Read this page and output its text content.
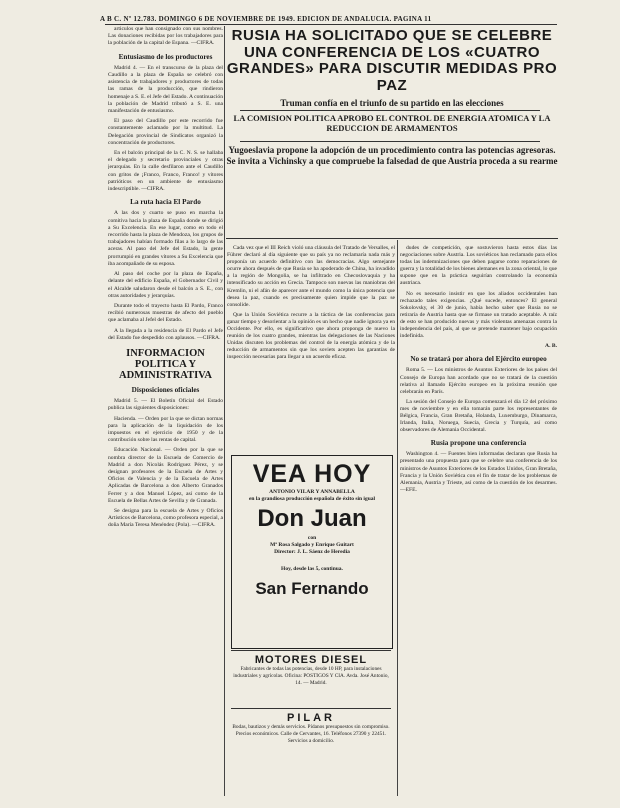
A B C. Nº 12.783. DOMINGO 6 DE NOVIEMBRE DE 1949. EDICION DE ANDALUCIA. PAGINA 11

articulos que han consignado con sus nombres. Las donaciones recibidas por los trabajadores para la población de la capital de Espana. —CIFRA.

Entusiasmo de los productores

Madrid 4. — En el transcurso de la plaza del Caudillo a la plaza de España se celebró con asistencia de trabajadores y productores de todas las ramas de la producción, que rindieron homenaje a S. E. el Jefe del Estado. A continuación la población de Madrid tributó a S. E. una manifestación de entusiasmo.

El paso del Caudillo por este recorrido fue constantemente aclamado por la multitud. La Delegación provincial de Sindicatos organizó la concentración de productores.

En el balcón principal de la C. N. S. se hallaba el delegado y secretario provinciales y otras jerarquías. En la calle desfilaron ante el Caudillo con gritos de ¡Franco, Franco, Franco! y vítores patrióticos en un ambiente de entusiasmo indescriptible. —CIFRA.

La ruta hacia El Pardo

A las dos y cuarto se puso en marcha la comitiva hacia la plaza de España donde se dirigió a Su Excelencia. En ese lugar, como en todo el recorrido hasta la plaza de Mendoza, los grupos de trabajadores habían formado filas a lo largo de las aceras. Al paso del Jefe del Estado, la gente prorrumpió en grandes vítores a Su Excelencia que iba acompañado de su esposa.

Al paso del coche por la plaza de España, delante del edificio España, el Gobernador Civil y el Alcalde saludaron desde el balcón a S. E., con otras autoridades y jerarquías.

Durante todo el trayecto hasta El Pardo, Franco recibió numerosas muestras de afecto del pueblo que aclamaba al Jefel del Estado.

A la llegada a la residencia de El Pardo el Jefe del Estado fue despedido con aplausos. —CIFRA.

INFORMACION POLITICA Y ADMINISTRATIVA
Disposiciones oficiales

Madrid 5. — El Boletín Oficial del Estado publica las siguientes disposiciones:

Hacienda. — Orden por la que se dictan normas para la aplicación de la liquidación de los impuestos en el ejercicio de 1950 y de la contribución sobre las rentas de capital.

Educación Nacional. — Orden por la que se nombra director de la Escuela de Comercio de Madrid a don Nicolás Rodríguez Pérez, y se designan profesores de la Escuela de Artes y Oficios de Valencia y de la Escuela de Artes Aplicadas de Barcelona a don Alberto Granados Ferrer y a don Manuel López, así como de la Escuela de Bellas Artes de Sevilla y de Granada.

Se designa para la escuela de Artes y Oficios Artísticos de Barcelona, como profesora especial, a doña María Teresa Menéndez (Pola). —CIFRA.

RUSIA HA SOLICITADO QUE SE CELEBRE UNA CONFERENCIA DE LOS «CUATRO GRANDES» PARA DISCUTIR MEDIDAS PRO PAZ
Truman confía en el triunfo de su partido en las elecciones
LA COMISION POLITICA APROBO EL CONTROL DE ENERGIA ATOMICA Y LA REDUCCION DE ARMAMENTOS
Yugoeslavia propone la adopción de un procedimiento contra las potencias agresoras. Se invita a Vichinsky a que compruebe la falsedad de que Austria proceda a su rearme

Cada vez que el III Reich violó una cláusula del Tratado de Versalles, el Führer declaró al día siguiente que su país ya no reclamaría nada más y proponía un acuerdo definitivo con las democracias. Algo semejante ocurre ahora después de que Rusia se ha apoderado de China, ha invadido a la región de Mongolia, se ha infiltrado en Checoslovaquia y ha intensificado su acción en Grecia. Tampoco son nuevas las maniobras del Kremlin, ni el afán de aparecer ante el mundo como la única potencia que desea la paz, cuando es precisamente quien impide que la paz se consolide.

Que la Unión Soviética recurre a la táctica de las conferencias para ganar tiempo y desorientar a la opinión es un hecho que nadie ignora ya en Occidente. Por ello, es significativo que ahora proponga de nuevo la reunión de los cuatro grandes, mientras las delegaciones de las Naciones Unidas discuten los problemas del control de la energía atómica y de la reducción de armamentos sin que los soviets acepten las garantías de inspección necesarias para llegar a un acuerdo eficaz.

VEA HOY
ANTONIO VILAR Y ANNABELLA
en la grandiosa producción española de éxito sin igual
Don Juan
con
Mª Rosa Salgado y Enrique Guitart
Director: J. L. Sáenz de Heredia
Hoy, desde las 5, continua.
San Fernando
MOTORES DIESEL
Fabricantes de todas las potencias, desde 10 HP, para instalaciones industriales y agrícolas. Oficina: POSTIGOS Y CIA. Avda. José Antonio, 14. — Madrid.
PILAR
Bodas, bautizos y demás servicios. Pídanos presupuestos sin compromiso. Precios económicos. Calle de Cervantes, 16. Teléfonos 27390 y 22451. Servicios a domicilio.

dudes de competición, que sostuvieron hasta estos días las negociaciones sobre Austria. Los soviéticos han reclamado para ellos todas las indemnizaciones que deben pagarse como reparaciones de guerra y la totalidad de los bienes alemanes en la zona oriental, lo que supone que en la práctica seguirían controlando la economía austriaca.

No es necesario insistir en que los aliados occidentales han rechazado tales exigencias. ¿Qué sucede, entonces? El general Sokolovsky, el 30 de junio, había hecho saber que Rusia no se retiraría de Austria hasta que se firmase un tratado aceptable. A raíz de esto se han producido nuevas y más violentas amenazas contra la independencia del país, al que se pretende mantener bajo ocupación indefinida.

A. B.
No se tratará por ahora del Ejército europeo

Roma 5. — Los ministros de Asuntos Exteriores de los países del Consejo de Europa han acordado que no se tratará de la cuestión relativa al llamado Ejército europeo en la próxima reunión que celebrarán en París.

La sesión del Consejo de Europa comenzará el día 12 del próximo mes de noviembre y en ella tomarán parte los representantes de Bélgica, Francia, Gran Bretaña, Holanda, Luxemburgo, Dinamarca, Irlanda, Italia, Noruega, Suecia, Grecia y Turquía, así como observadores de Alemania Occidental.

Rusia propone una conferencia

Washington 4. — Fuentes bien informadas declaran que Rusia ha presentado una propuesta para que se celebre una conferencia de los ministros de Asuntos Exteriores de los Estados Unidos, Gran Bretaña, Francia y la Unión Soviética con el fin de tratar de los problemas de Alemania, Austria y Trieste, así como de la cuestión de los desarmes. —EFE.
